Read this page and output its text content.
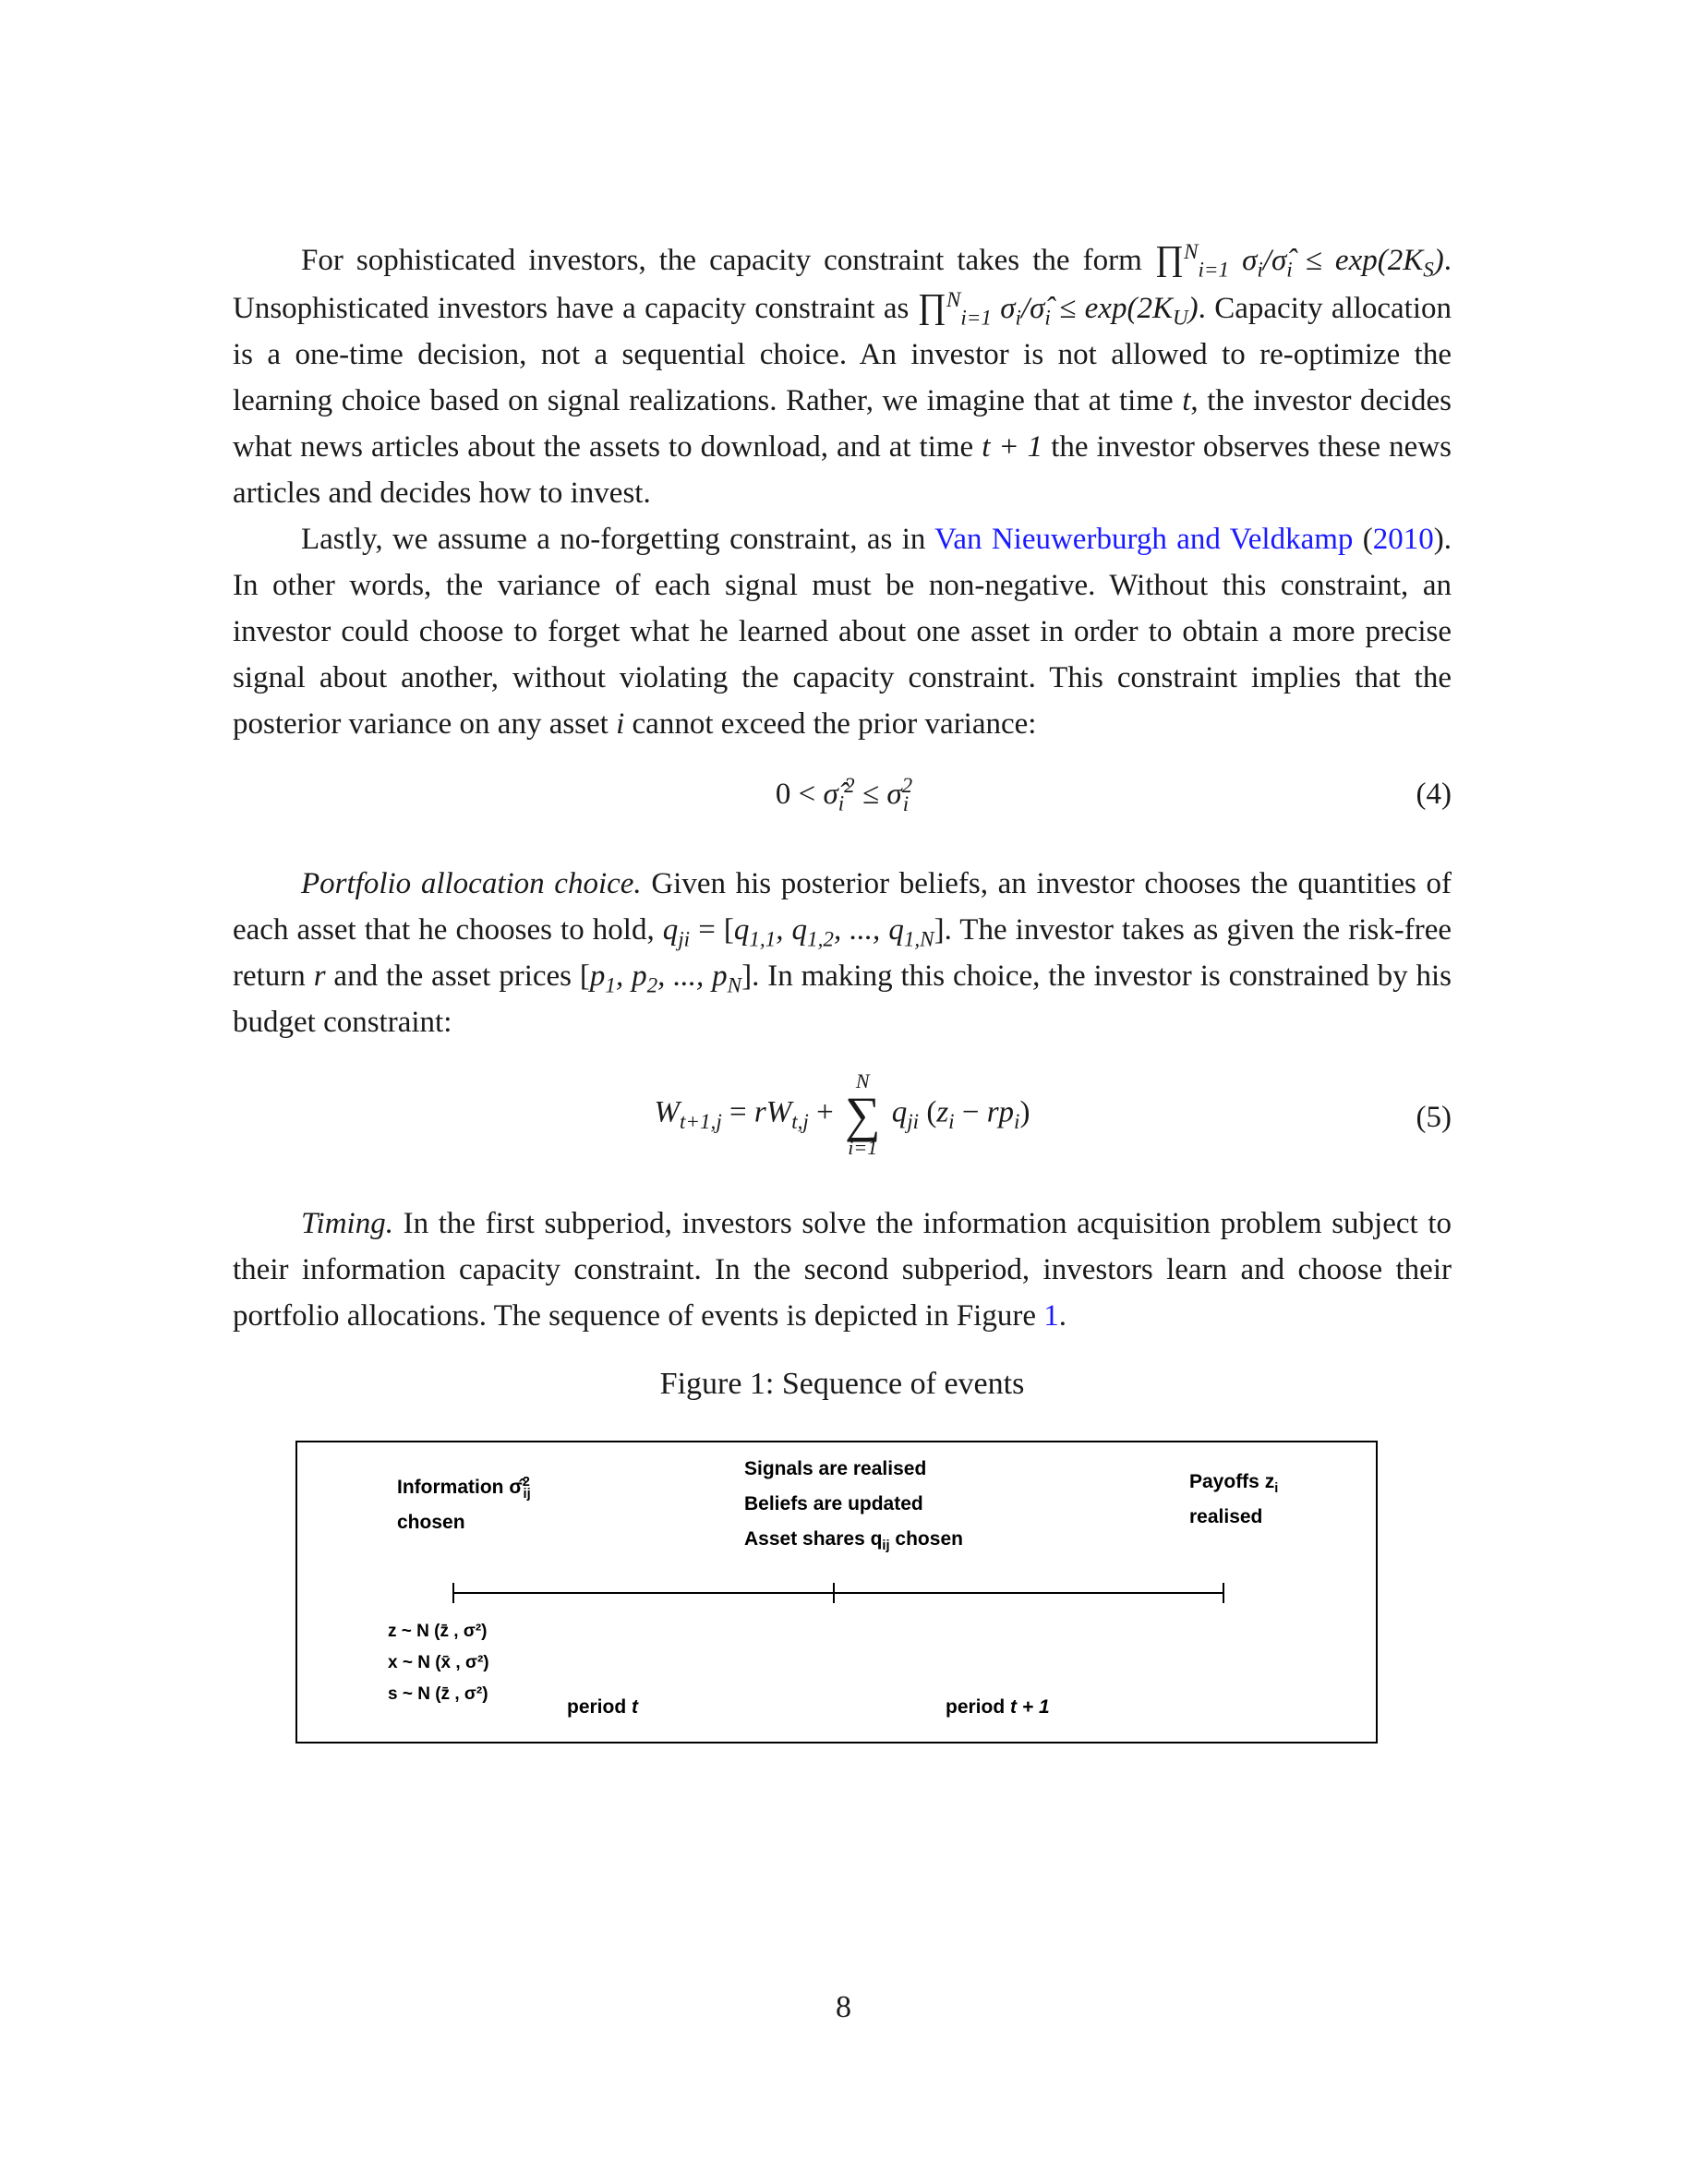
For sophisticated investors, the capacity constraint takes the form ∏$^N_{i=1}$ $\sigma_i/\sigmâ_i \le \exp(2K_S)$. Unsophisticated investors have a capacity constraint as ∏$^N_{i=1}$ $\sigma_i/\sigmâ_i \le \exp(2K_U)$. Capacity allocation is a one-time decision, not a sequential choice. An investor is not allowed to re-optimize the learning choice based on signal realizations. Rather, we imagine that at time t, the investor decides what news articles about the assets to download, and at time t + 1 the investor observes these news articles and decides how to invest.

Lastly, we assume a no-forgetting constraint, as in Van Nieuwerburgh and Veldkamp (2010). In other words, the variance of each signal must be non-negative. Without this constraint, an investor could choose to forget what he learned about one asset in order to obtain a more precise signal about another, without violating the capacity constraint. This constraint implies that the posterior variance on any asset i cannot exceed the prior variance:

$0 < \sigmâ_i^2 \le \sigma^2_i$	(4)

Portfolio allocation choice. Given his posterior beliefs, an investor chooses the quantities of each asset that he chooses to hold, $q_{ji} = [q_{1,1}$, $q_{1,2}$, ..., $q_{1,N}$]. The investor takes as given the risk-free return r and the asset prices [$p_1$, $p_2$, ..., $p_N$]. In making this choice, the investor is constrained by his budget constraint:

$W_{t+1,j} = rW_{t,j}$ +
N
∑
i=1
$q_{ji}$ $(z_i - rp_i)$	(5)

Timing. In the first subperiod, investors solve the information acquisition problem subject to their information capacity constraint. In the second subperiod, investors learn and choose their portfolio allocations. The sequence of events is depicted in Figure 1.

Figure 1: Sequence of events
Information σ̂$^2_{ij}$
chosen
Signals are realised
Beliefs are updated
Asset shares $q_{ij}$ chosen
Payoffs $z_i$
realised
z ~ N (z̄ , σ²)
x ~ N (x̄ , σ²)
s ~ N (z̄ , σ²)
period t	period t + 1
8
